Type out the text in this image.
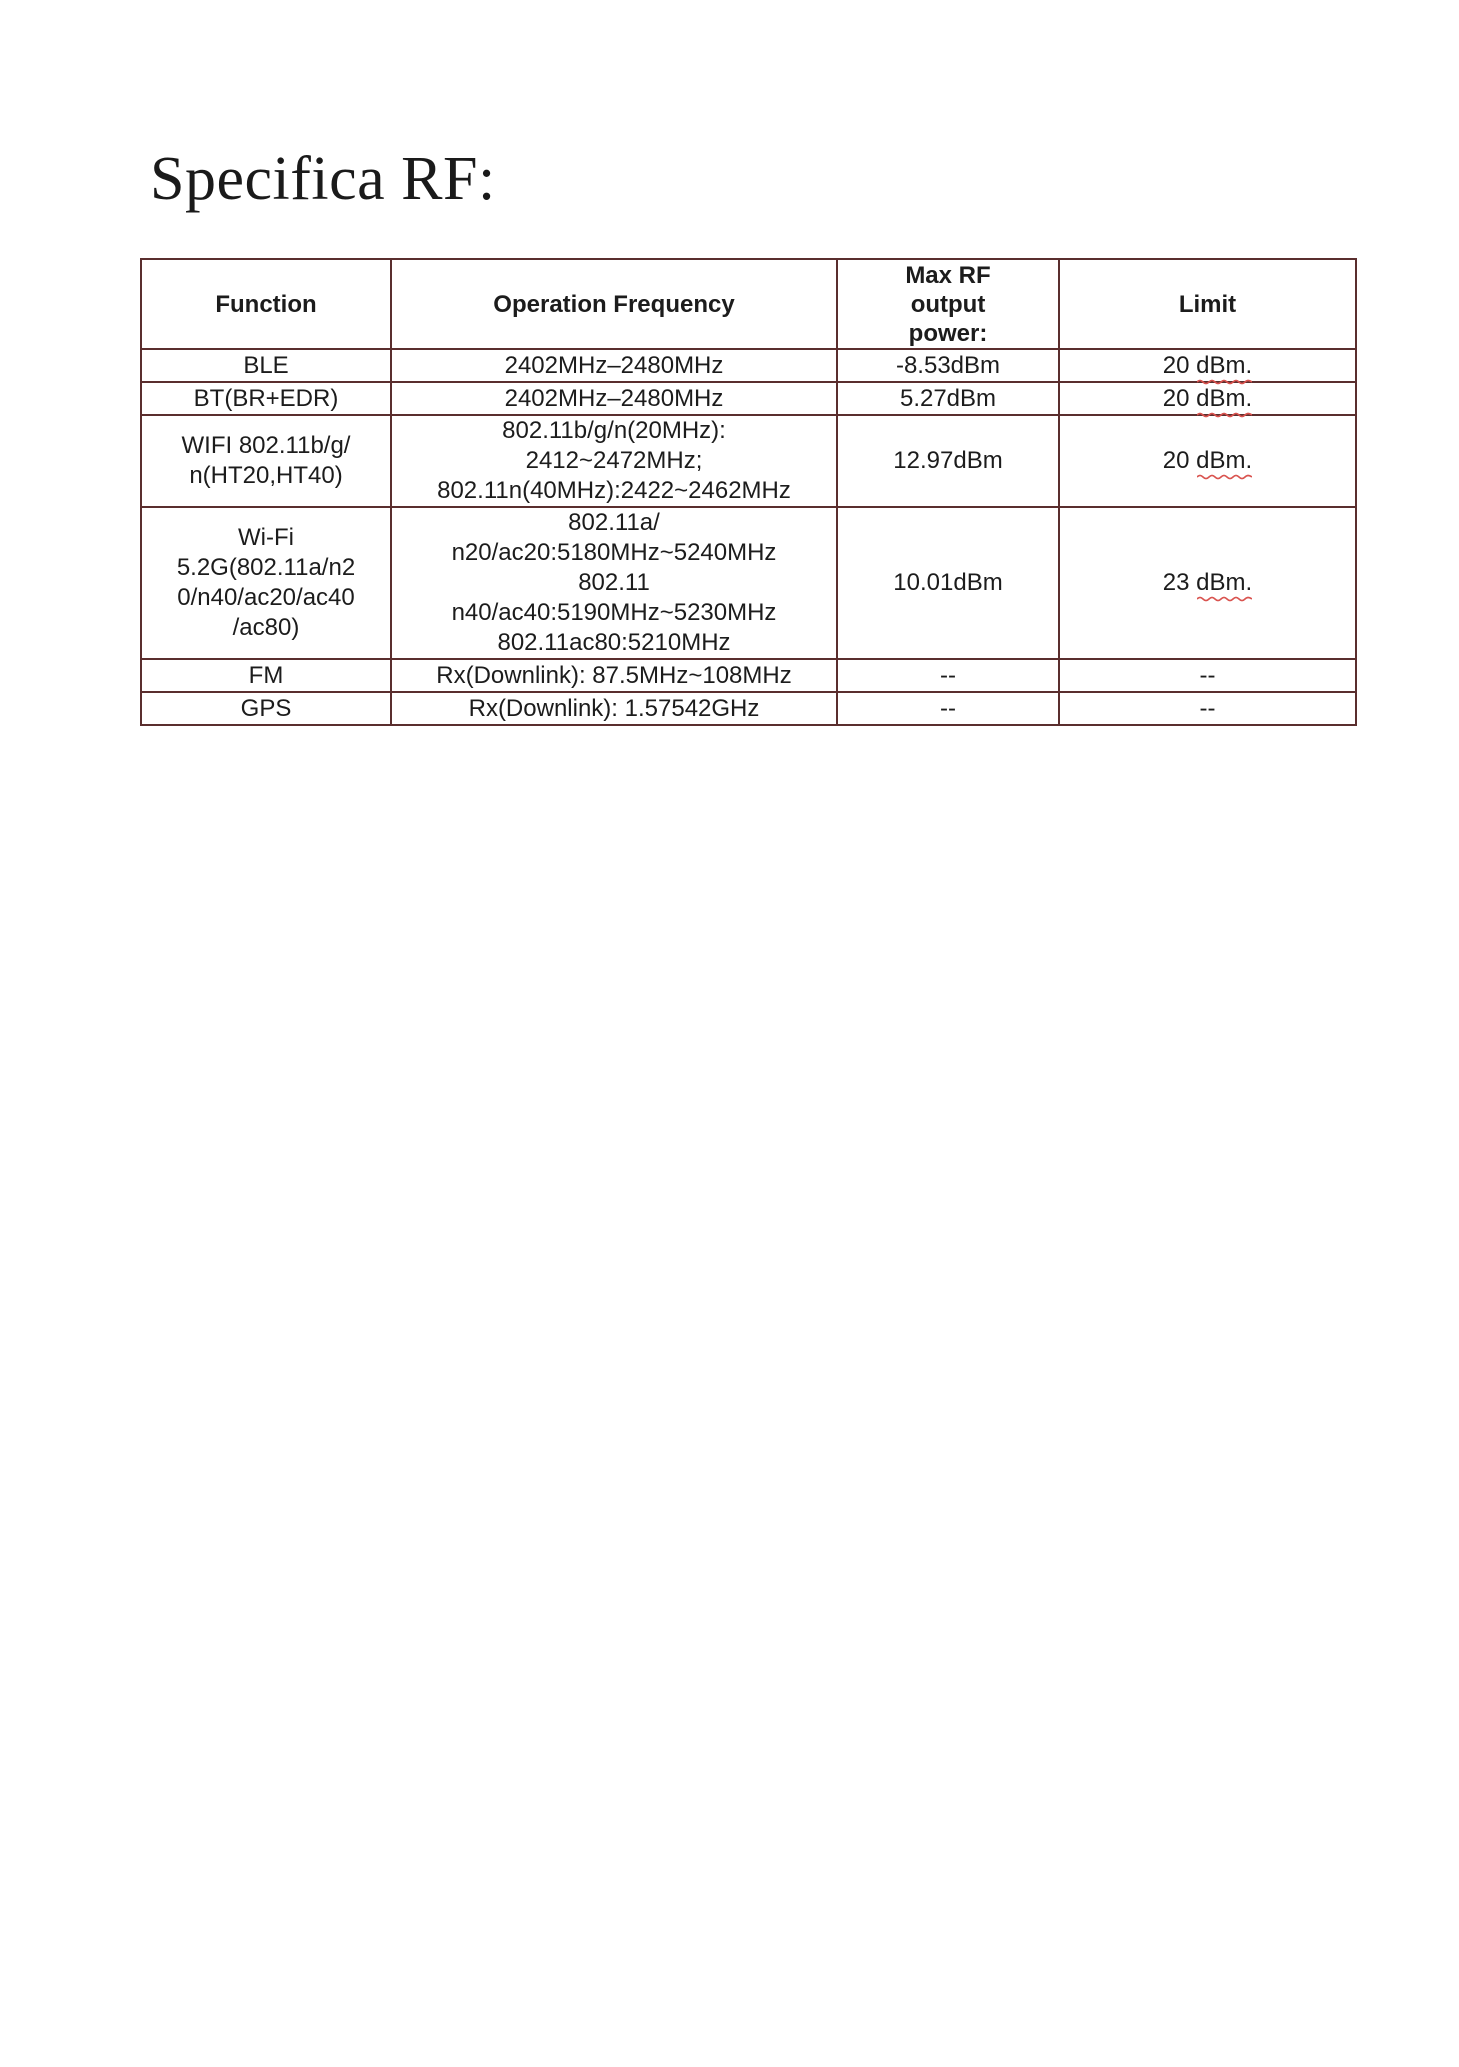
Specifica RF:
Function	Operation Frequency	Max RF
output
power:	Limit

BLE	2402MHz–2480MHz	-8.53dBm	20 dBm.

BT(BR+EDR)	2402MHz–2480MHz	5.27dBm	20 dBm.

WIFI 802.11b/g/
n(HT20,HT40)	802.11b/g/n(20MHz):
2412~2472MHz;
802.11n(40MHz):2422~2462MHz	12.97dBm	20 dBm.

Wi-Fi
5.2G(802.11a/n2
0/n40/ac20/ac40
/ac80)	802.11a/
n20/ac20:5180MHz~5240MHz
802.11
n40/ac40:5190MHz~5230MHz
802.11ac80:5210MHz	10.01dBm	23 dBm.

FM	Rx(Downlink): 87.5MHz~108MHz	--	--

GPS	Rx(Downlink): 1.57542GHz	--	--
